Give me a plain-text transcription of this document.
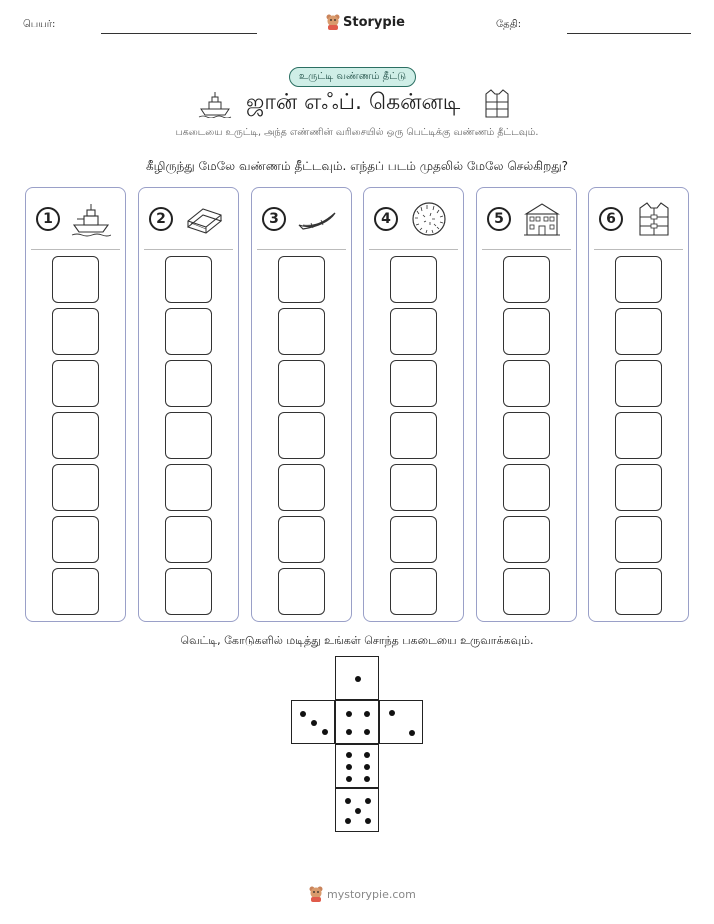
பெயர்:	Storypie	தேதி:
உருட்டி வண்ணம் தீட்டு
ஜான் எஃப். கென்னடி
பகடையை உருட்டி, அந்த எண்ணின் வரிசையில் ஒரு பெட்டிக்கு வண்ணம் தீட்டவும்.
கீழிருந்து மேலே வண்ணம் தீட்டவும். எந்தப் படம் முதலில் மேலே செல்கிறது?
1	2	3	4	5	6
வெட்டி, கோடுகளில் மடித்து உங்கள் சொந்த பகடையை உருவாக்கவும்.
mystorypie.com
